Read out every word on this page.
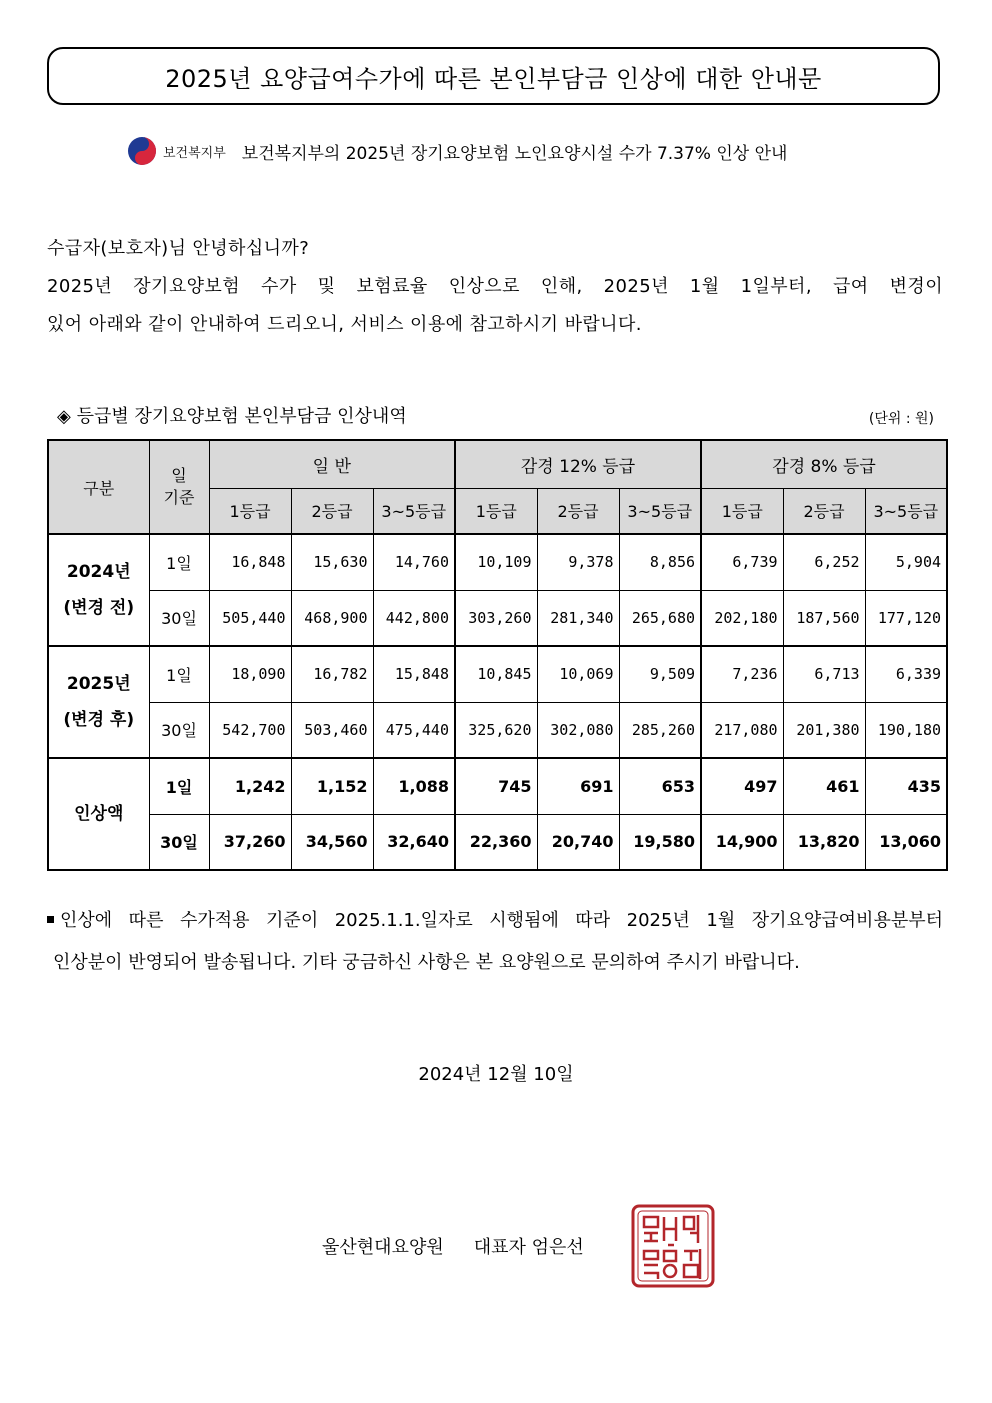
2025년 요양급여수가에 따른 본인부담금 인상에 대한 안내문
보건복지부 보건복지부의 2025년 장기요양보험 노인요양시설 수가 7.37% 인상 안내

수급자(보호자)님 안녕하십니까?

2025년 장기요양보험 수가 및 보험료율 인상으로 인해, 2025년 1월 1일부터, 급여 변경이

있어 아래와 같이 안내하여 드리오니, 서비스 이용에 참고하시기 바랍니다.

◈ 등급별 장기요양보험 본인부담금 인상내역	(단위 : 원)
구분	일
기준	일 반			감경 12% 등급			감경 8% 등급		
		1등급	2등급	3~5등급	1등급	2등급	3~5등급	1등급	2등급	3~5등급
2024년
(변경 전)	1일	16,848	15,630	14,760	10,109	9,378	8,856	6,739	6,252	5,904
	30일	505,440	468,900	442,800	303,260	281,340	265,680	202,180	187,560	177,120
2025년
(변경 후)	1일	18,090	16,782	15,848	10,845	10,069	9,509	7,236	6,713	6,339
	30일	542,700	503,460	475,440	325,620	302,080	285,260	217,080	201,380	190,180
인상액	1일	1,242	1,152	1,088	745	691	653	497	461	435
	30일	37,260	34,560	32,640	22,360	20,740	19,580	14,900	13,820	13,060

인상에 따른 수가적용 기준이 2025.1.1.일자로 시행됨에 따라 2025년 1월 장기요양급여비용분부터

인상분이 반영되어 발송됩니다. 기타 궁금하신 사항은 본 요양원으로 문의하여 주시기 바랍니다.

2024년 12월 10일
울산현대요양원 대표자 엄은선
